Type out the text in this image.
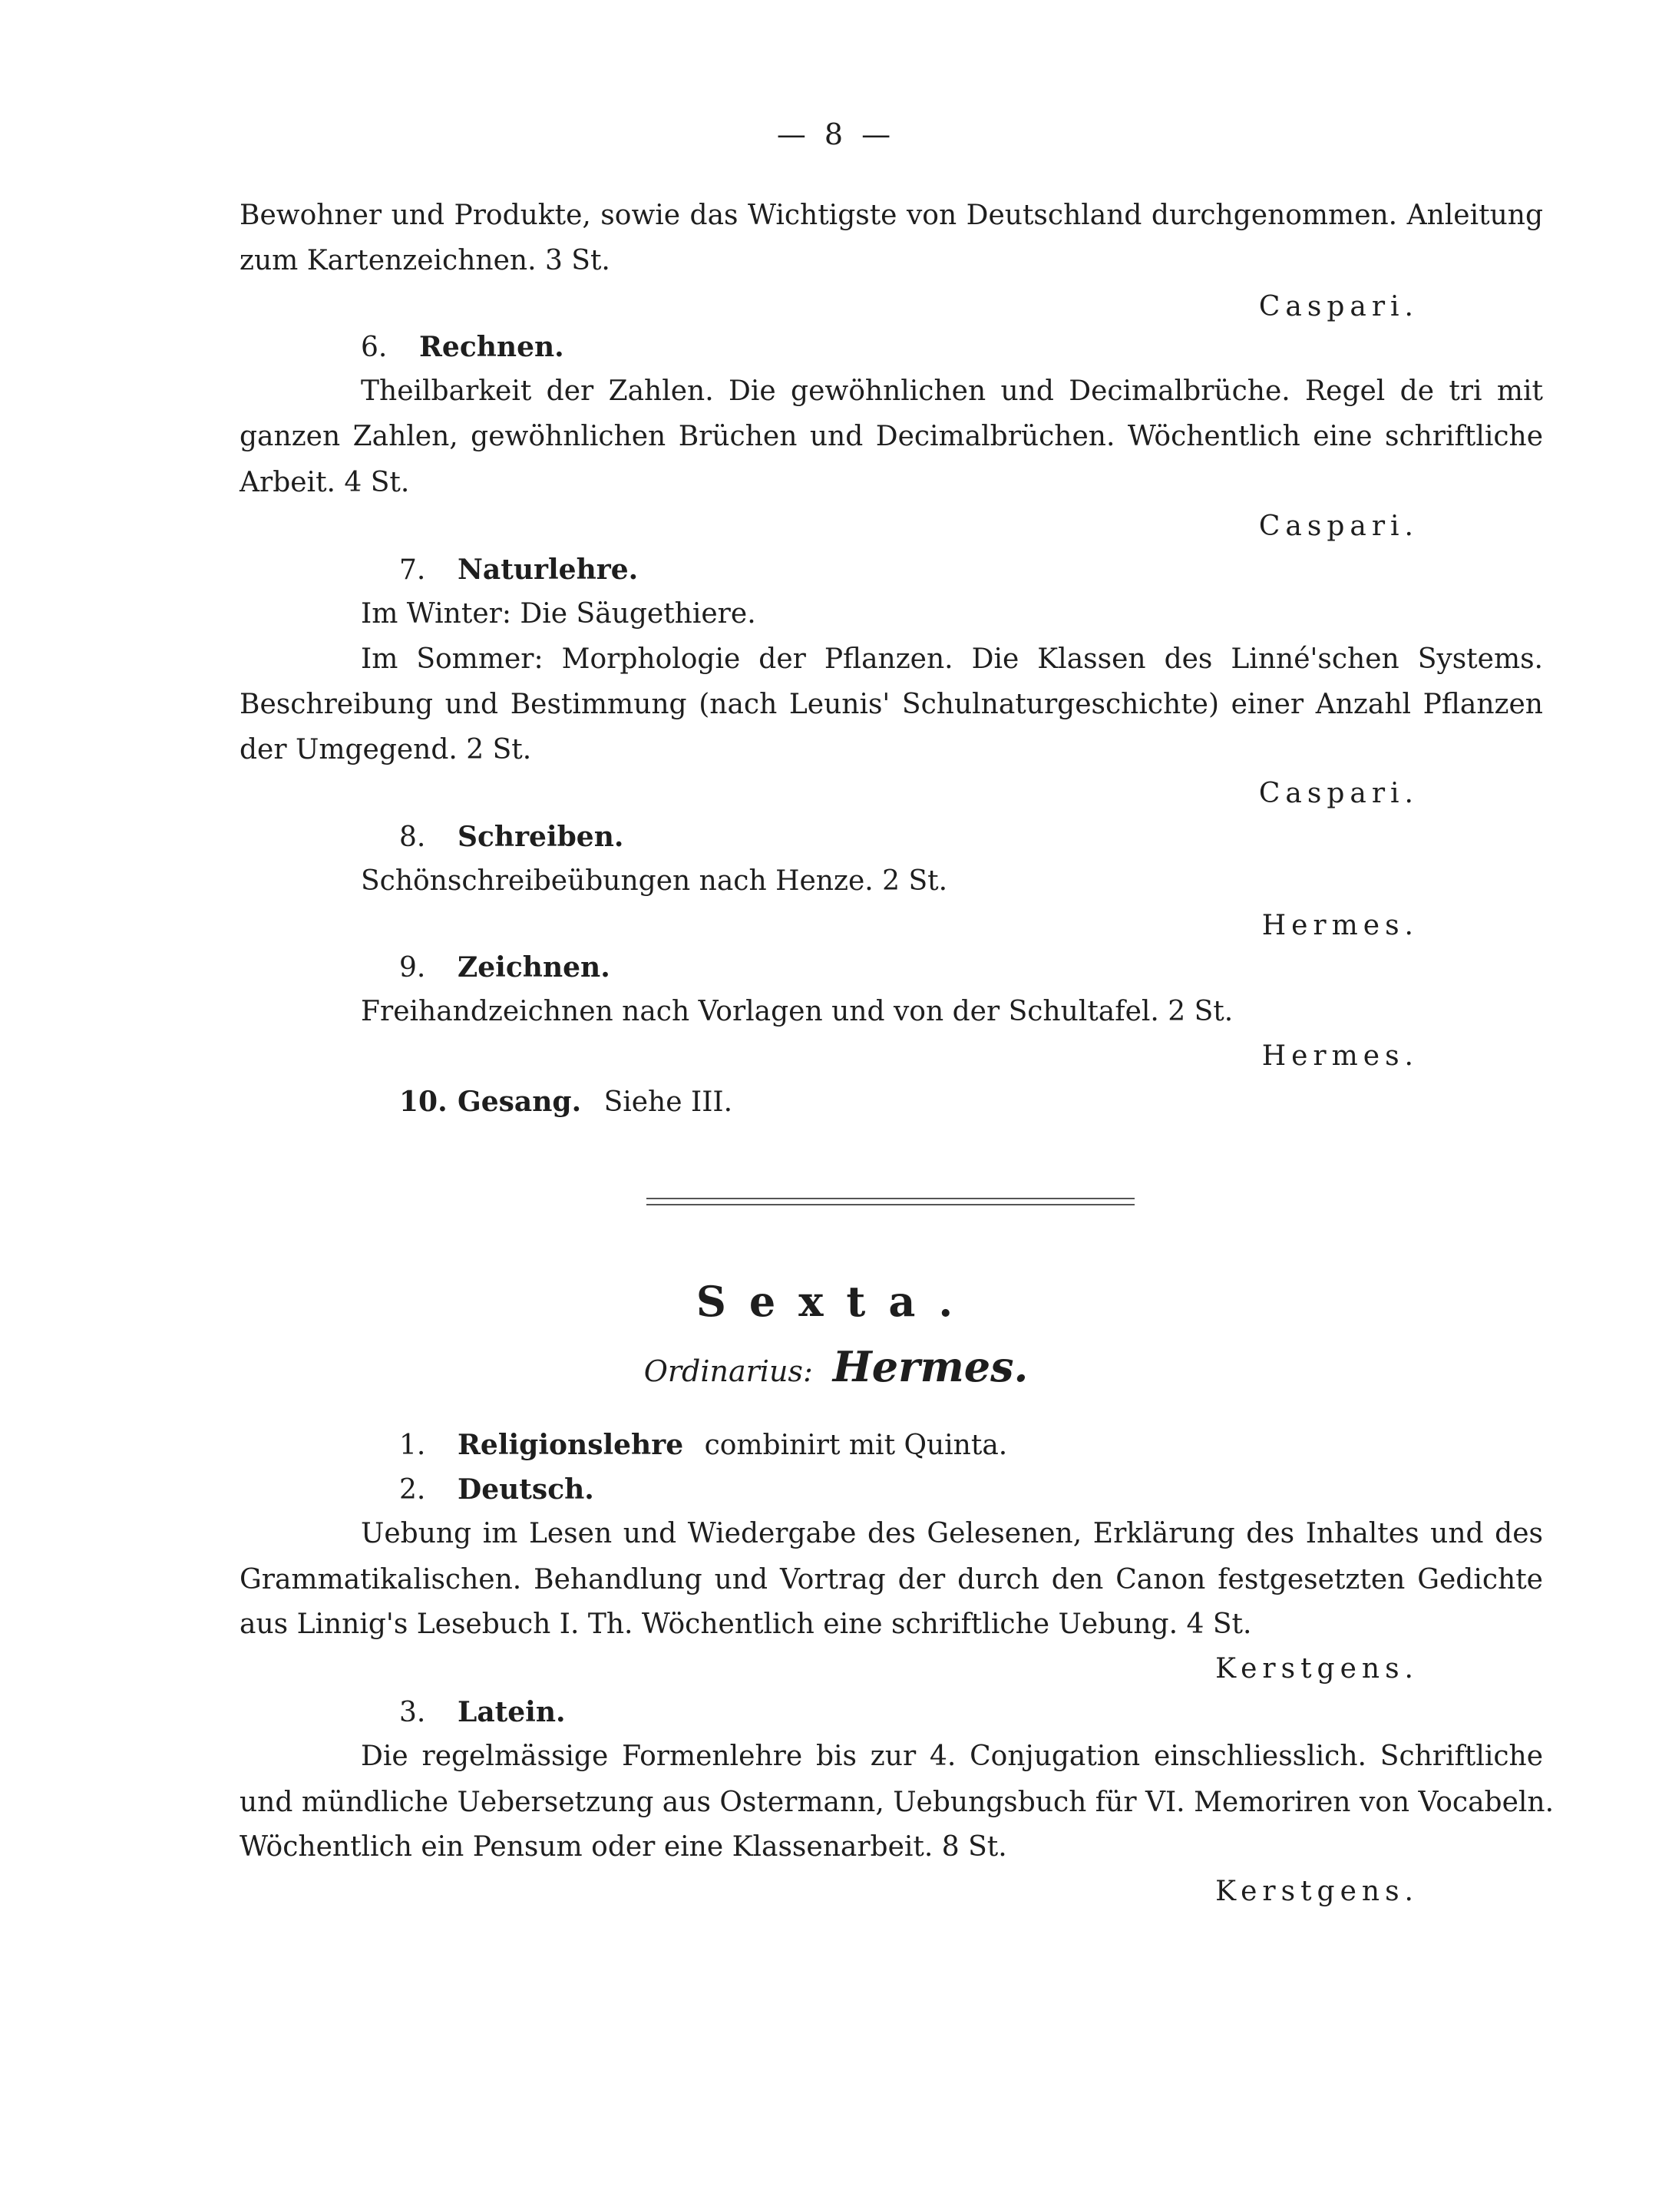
— 8 —

Bewohner und Produkte, sowie das Wichtigste von Deutschland durchgenommen. Anleitung

zum Kartenzeichnen. 3 St.

Caspari.
6. Rechnen.

Theilbarkeit der Zahlen. Die gewöhnlichen und Decimalbrüche. Regel de tri mit

ganzen Zahlen, gewöhnlichen Brüchen und Decimalbrüchen. Wöchentlich eine schriftliche

Arbeit. 4 St.

Caspari.
7. Naturlehre.

Im Winter: Die Säugethiere.

Im Sommer: Morphologie der Pflanzen. Die Klassen des Linné'schen Systems.

Beschreibung und Bestimmung (nach Leunis' Schulnaturgeschichte) einer Anzahl Pflanzen

der Umgegend. 2 St.

Caspari.
8. Schreiben.

Schönschreibeübungen nach Henze. 2 St.

Hermes.
9. Zeichnen.

Freihandzeichnen nach Vorlagen und von der Schultafel. 2 St.

Hermes.
10. Gesang. Siehe III.
Sexta.
Ordinarius: Hermes.
1. Religionslehre combinirt mit Quinta.
2. Deutsch.

Uebung im Lesen und Wiedergabe des Gelesenen, Erklärung des Inhaltes und des

Grammatikalischen. Behandlung und Vortrag der durch den Canon festgesetzten Gedichte

aus Linnig's Lesebuch I. Th. Wöchentlich eine schriftliche Uebung. 4 St.

Kerstgens.
3. Latein.

Die regelmässige Formenlehre bis zur 4. Conjugation einschliesslich. Schriftliche

und mündliche Uebersetzung aus Ostermann, Uebungsbuch für VI. Memoriren von Vocabeln.

Wöchentlich ein Pensum oder eine Klassenarbeit. 8 St.

Kerstgens.
